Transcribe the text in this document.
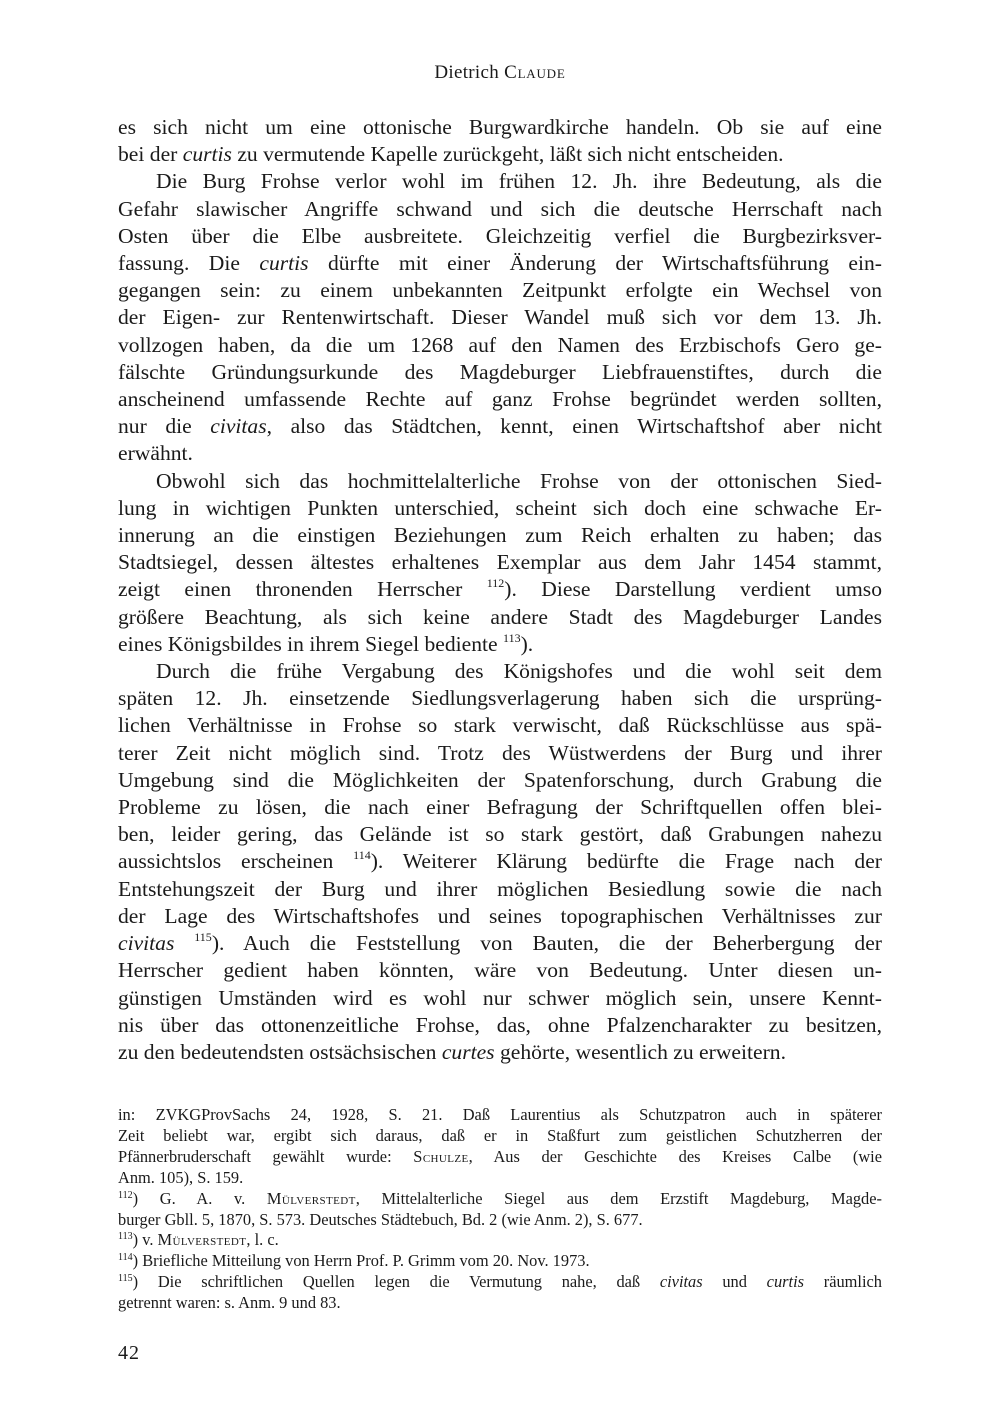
Dietrich Claude
es sich nicht um eine ottonische Burgwardkirche handeln. Ob sie auf eine
bei der curtis zu vermutende Kapelle zurückgeht, läßt sich nicht entscheiden.
Die Burg Frohse verlor wohl im frühen 12. Jh. ihre Bedeutung, als die
Gefahr slawischer Angriffe schwand und sich die deutsche Herrschaft nach
Osten über die Elbe ausbreitete. Gleichzeitig verfiel die Burgbezirksver-
fassung. Die curtis dürfte mit einer Änderung der Wirtschaftsführung ein-
gegangen sein: zu einem unbekannten Zeitpunkt erfolgte ein Wechsel von
der Eigen- zur Rentenwirtschaft. Dieser Wandel muß sich vor dem 13. Jh.
vollzogen haben, da die um 1268 auf den Namen des Erzbischofs Gero ge-
fälschte Gründungsurkunde des Magdeburger Liebfrauenstiftes, durch die
anscheinend umfassende Rechte auf ganz Frohse begründet werden sollten,
nur die civitas, also das Städtchen, kennt, einen Wirtschaftshof aber nicht
erwähnt.
Obwohl sich das hochmittelalterliche Frohse von der ottonischen Sied-
lung in wichtigen Punkten unterschied, scheint sich doch eine schwache Er-
innerung an die einstigen Beziehungen zum Reich erhalten zu haben; das
Stadtsiegel, dessen ältestes erhaltenes Exemplar aus dem Jahr 1454 stammt,
zeigt einen thronenden Herrscher $^{112}$). Diese Darstellung verdient umso
größere Beachtung, als sich keine andere Stadt des Magdeburger Landes
eines Königsbildes in ihrem Siegel bediente $^{113}$).
Durch die frühe Vergabung des Königshofes und die wohl seit dem
späten 12. Jh. einsetzende Siedlungsverlagerung haben sich die ursprüng-
lichen Verhältnisse in Frohse so stark verwischt, daß Rückschlüsse aus spä-
terer Zeit nicht möglich sind. Trotz des Wüstwerdens der Burg und ihrer
Umgebung sind die Möglichkeiten der Spatenforschung, durch Grabung die
Probleme zu lösen, die nach einer Befragung der Schriftquellen offen blei-
ben, leider gering, das Gelände ist so stark gestört, daß Grabungen nahezu
aussichtslos erscheinen $^{114}$). Weiterer Klärung bedürfte die Frage nach der
Entstehungszeit der Burg und ihrer möglichen Besiedlung sowie die nach
der Lage des Wirtschaftshofes und seines topographischen Verhältnisses zur
civitas $^{115}$). Auch die Feststellung von Bauten, die der Beherbergung der
Herrscher gedient haben könnten, wäre von Bedeutung. Unter diesen un-
günstigen Umständen wird es wohl nur schwer möglich sein, unsere Kennt-
nis über das ottonenzeitliche Frohse, das, ohne Pfalzencharakter zu besitzen,
zu den bedeutendsten ostsächsischen curtes gehörte, wesentlich zu erweitern.
in: ZVKGProvSachs 24, 1928, S. 21. Daß Laurentius als Schutzpatron auch in späterer
Zeit beliebt war, ergibt sich daraus, daß er in Staßfurt zum geistlichen Schutzherren der
Pfännerbruderschaft gewählt wurde: Schulze, Aus der Geschichte des Kreises Calbe (wie
Anm. 105), S. 159.
$^{112}$) G. A. v. Mülverstedt, Mittelalterliche Siegel aus dem Erzstift Magdeburg, Magde-
burger Gbll. 5, 1870, S. 573. Deutsches Städtebuch, Bd. 2 (wie Anm. 2), S. 677.
$^{113}$) v. Mülverstedt, l. c.
$^{114}$) Briefliche Mitteilung von Herrn Prof. P. Grimm vom 20. Nov. 1973.
$^{115}$) Die schriftlichen Quellen legen die Vermutung nahe, daß civitas und curtis räumlich
getrennt waren: s. Anm. 9 und 83.
42
